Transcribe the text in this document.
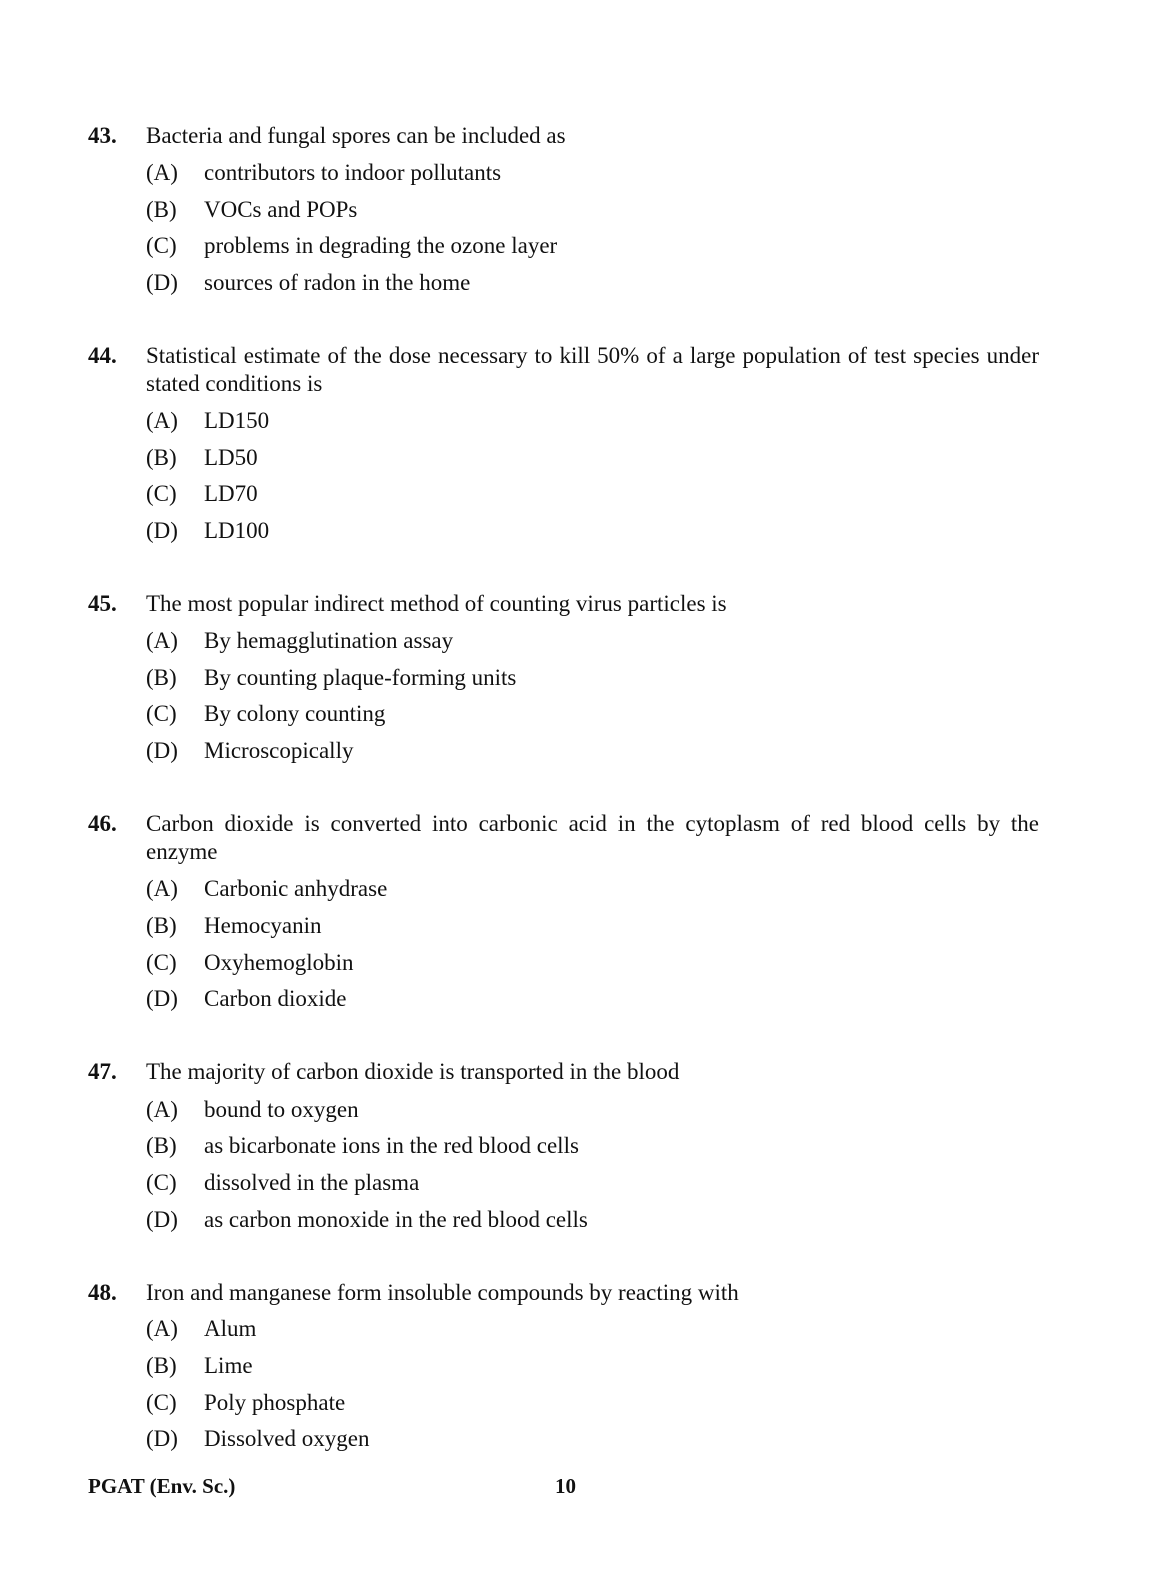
43. Bacteria and fungal spores can be included as
(A) contributors to indoor pollutants
(B) VOCs and POPs
(C) problems in degrading the ozone layer
(D) sources of radon in the home
44. Statistical estimate of the dose necessary to kill 50% of a large population of test species under stated conditions is
(A) LD150
(B) LD50
(C) LD70
(D) LD100
45. The most popular indirect method of counting virus particles is
(A) By hemagglutination assay
(B) By counting plaque-forming units
(C) By colony counting
(D) Microscopically
46. Carbon dioxide is converted into carbonic acid in the cytoplasm of red blood cells by the enzyme
(A) Carbonic anhydrase
(B) Hemocyanin
(C) Oxyhemoglobin
(D) Carbon dioxide
47. The majority of carbon dioxide is transported in the blood
(A) bound to oxygen
(B) as bicarbonate ions in the red blood cells
(C) dissolved in the plasma
(D) as carbon monoxide in the red blood cells
48. Iron and manganese form insoluble compounds by reacting with
(A) Alum
(B) Lime
(C) Poly phosphate
(D) Dissolved oxygen
PGAT (Env. Sc.)	10
